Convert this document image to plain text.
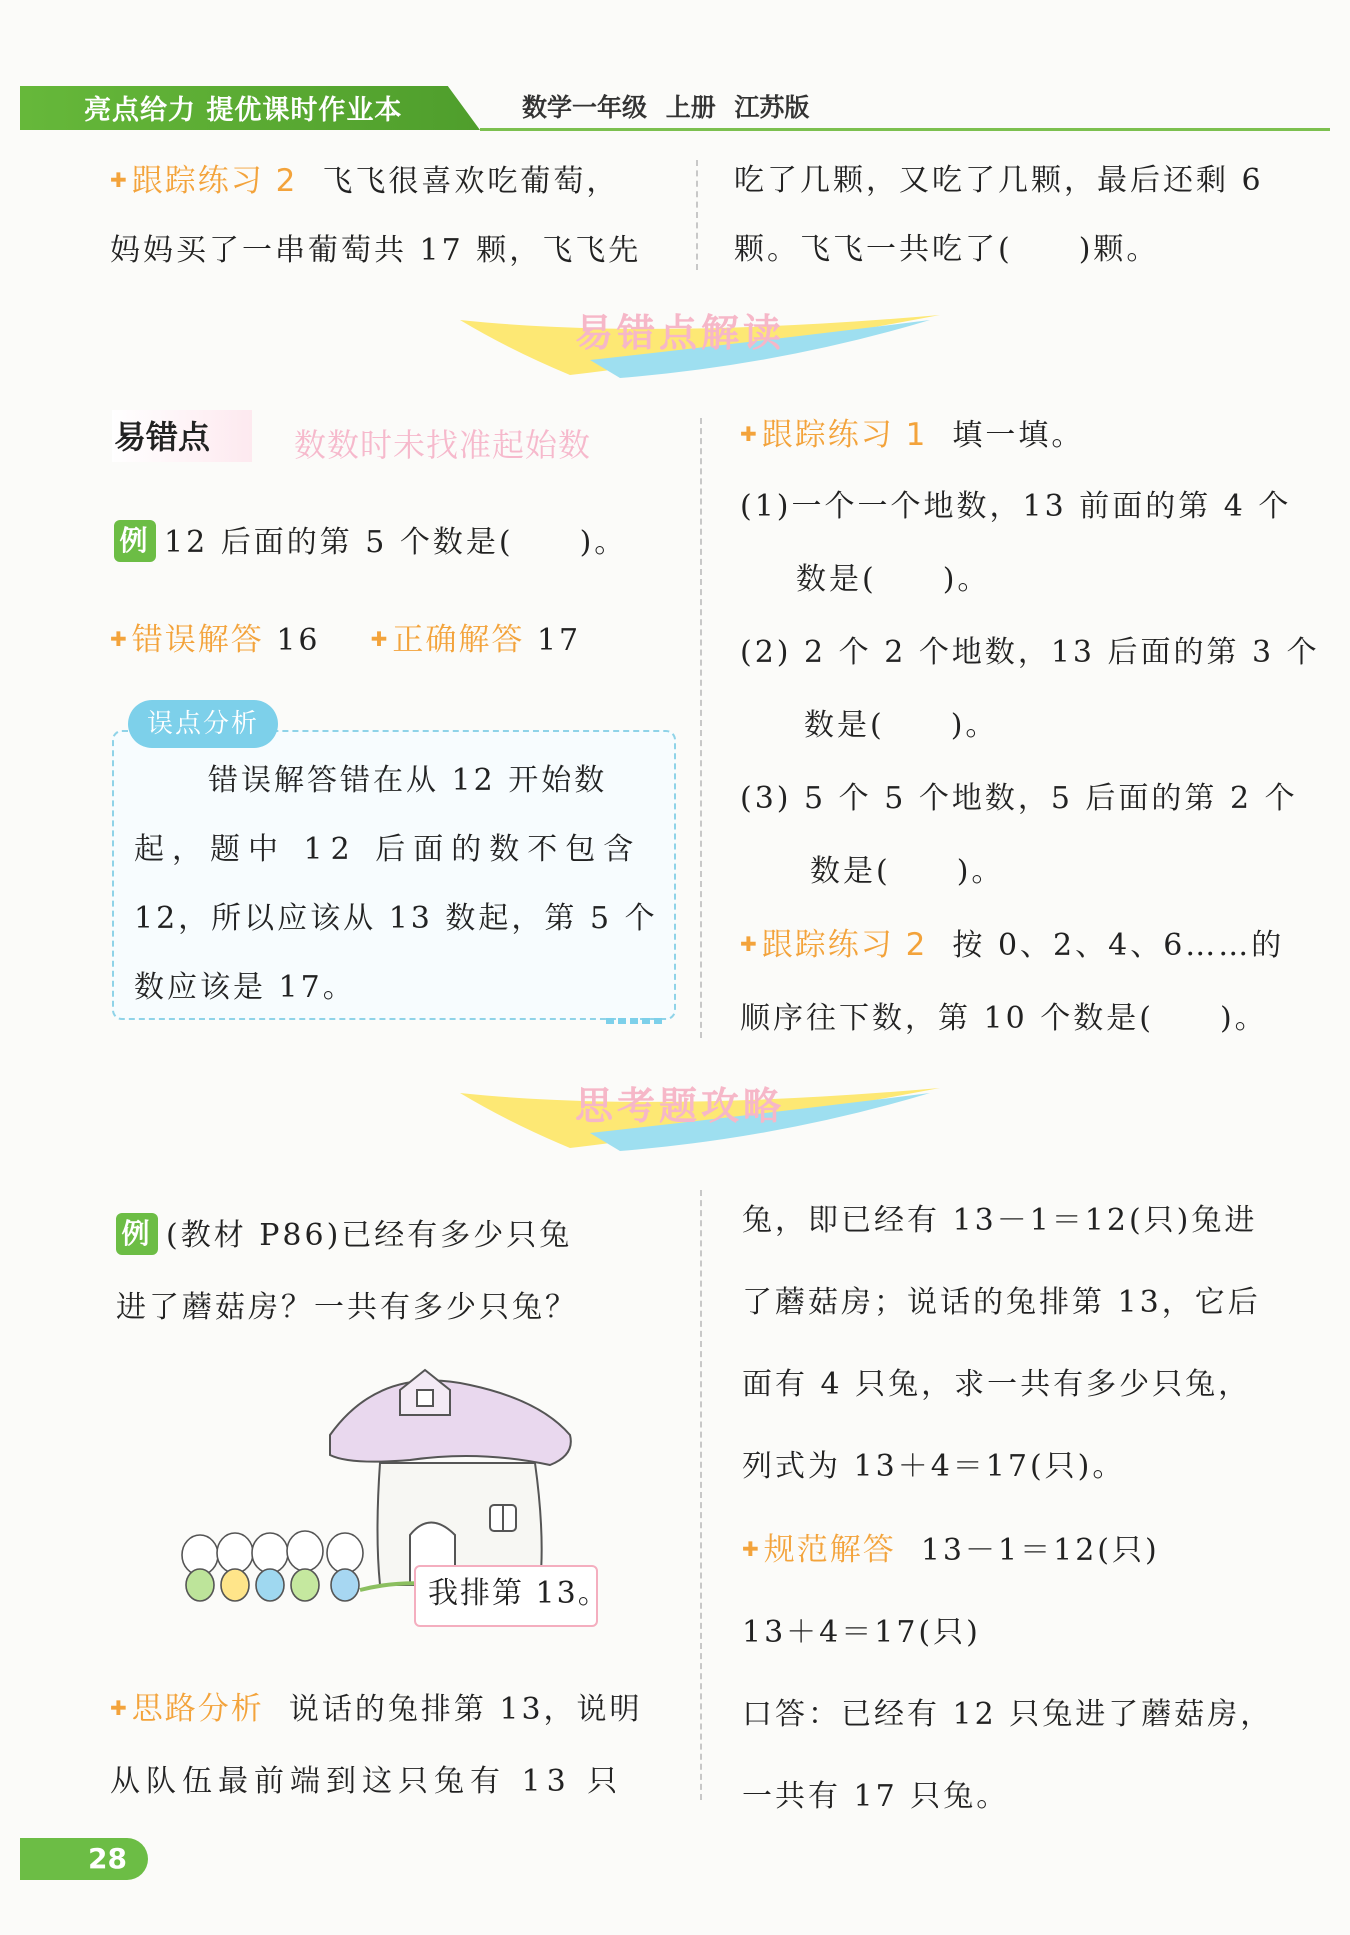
亮点给力 提优课时作业本	数学一年级 上册 江苏版
✚跟踪练习 2 飞飞很喜欢吃葡萄，
妈妈买了一串葡萄共 17 颗，飞飞先
吃了几颗，又吃了几颗，最后还剩 6
颗。飞飞一共吃了(　　)颗。
易错点解读
易错点	数数时未找准起始数
例 12 后面的第 5 个数是(　　)。
✚错误解答 16	✚正确解答 17
误点分析
错误解答错在从 12 开始数
起，题中 12 后面的数不包含
12，所以应该从 13 数起，第 5 个
数应该是 17。
✚跟踪练习 1 填一填。
(1)一个一个地数，13 前面的第 4 个
数是(　　)。
(2) 2 个 2 个地数，13 后面的第 3 个
数是(　　)。
(3) 5 个 5 个地数，5 后面的第 2 个
数是(　　)。
✚跟踪练习 2 按 0、2、4、6……的
顺序往下数，第 10 个数是(　　)。
思考题攻略
例 (教材 P86)已经有多少只兔
进了蘑菇房？一共有多少只兔？
我排第 13。
✚思路分析 说话的兔排第 13，说明
从队伍最前端到这只兔有 13 只
兔，即已经有 13－1＝12(只)兔进
了蘑菇房；说话的兔排第 13，它后
面有 4 只兔，求一共有多少只兔，
列式为 13＋4＝17(只)。
✚规范解答 13－1＝12(只)
13＋4＝17(只)
口答：已经有 12 只兔进了蘑菇房，
一共有 17 只兔。
28
